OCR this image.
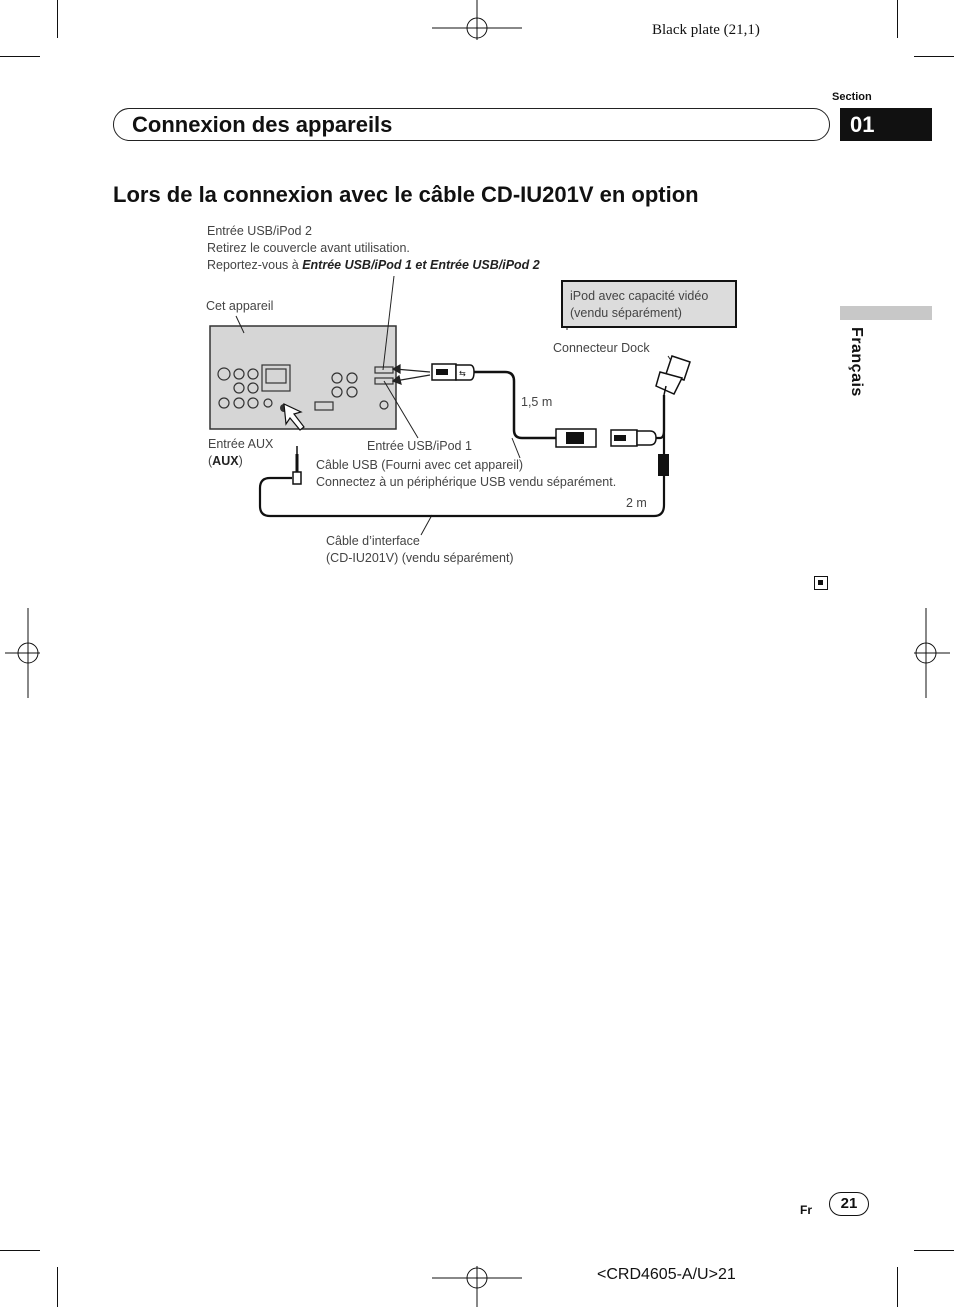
Black plate (21,1)
Section
01
Connexion des appareils
Lors de la connexion avec le câble CD-IU201V en option
Français
⇆
Entrée USB/iPod 2
Retirez le couvercle avant utilisation.
Reportez-vous à Entrée USB/iPod 1 et Entrée USB/iPod 2
Cet appareil
iPod avec capacité vidéo
(vendu séparément)
Connecteur Dock
1,5 m
Entrée AUX
(AUX)
Entrée USB/iPod 1
Câble USB (Fourni avec cet appareil)
Connectez à un périphérique USB vendu séparément.
2 m
Câble d’interface
(CD-IU201V) (vendu séparément)
Fr	21
<CRD4605-A/U>21
